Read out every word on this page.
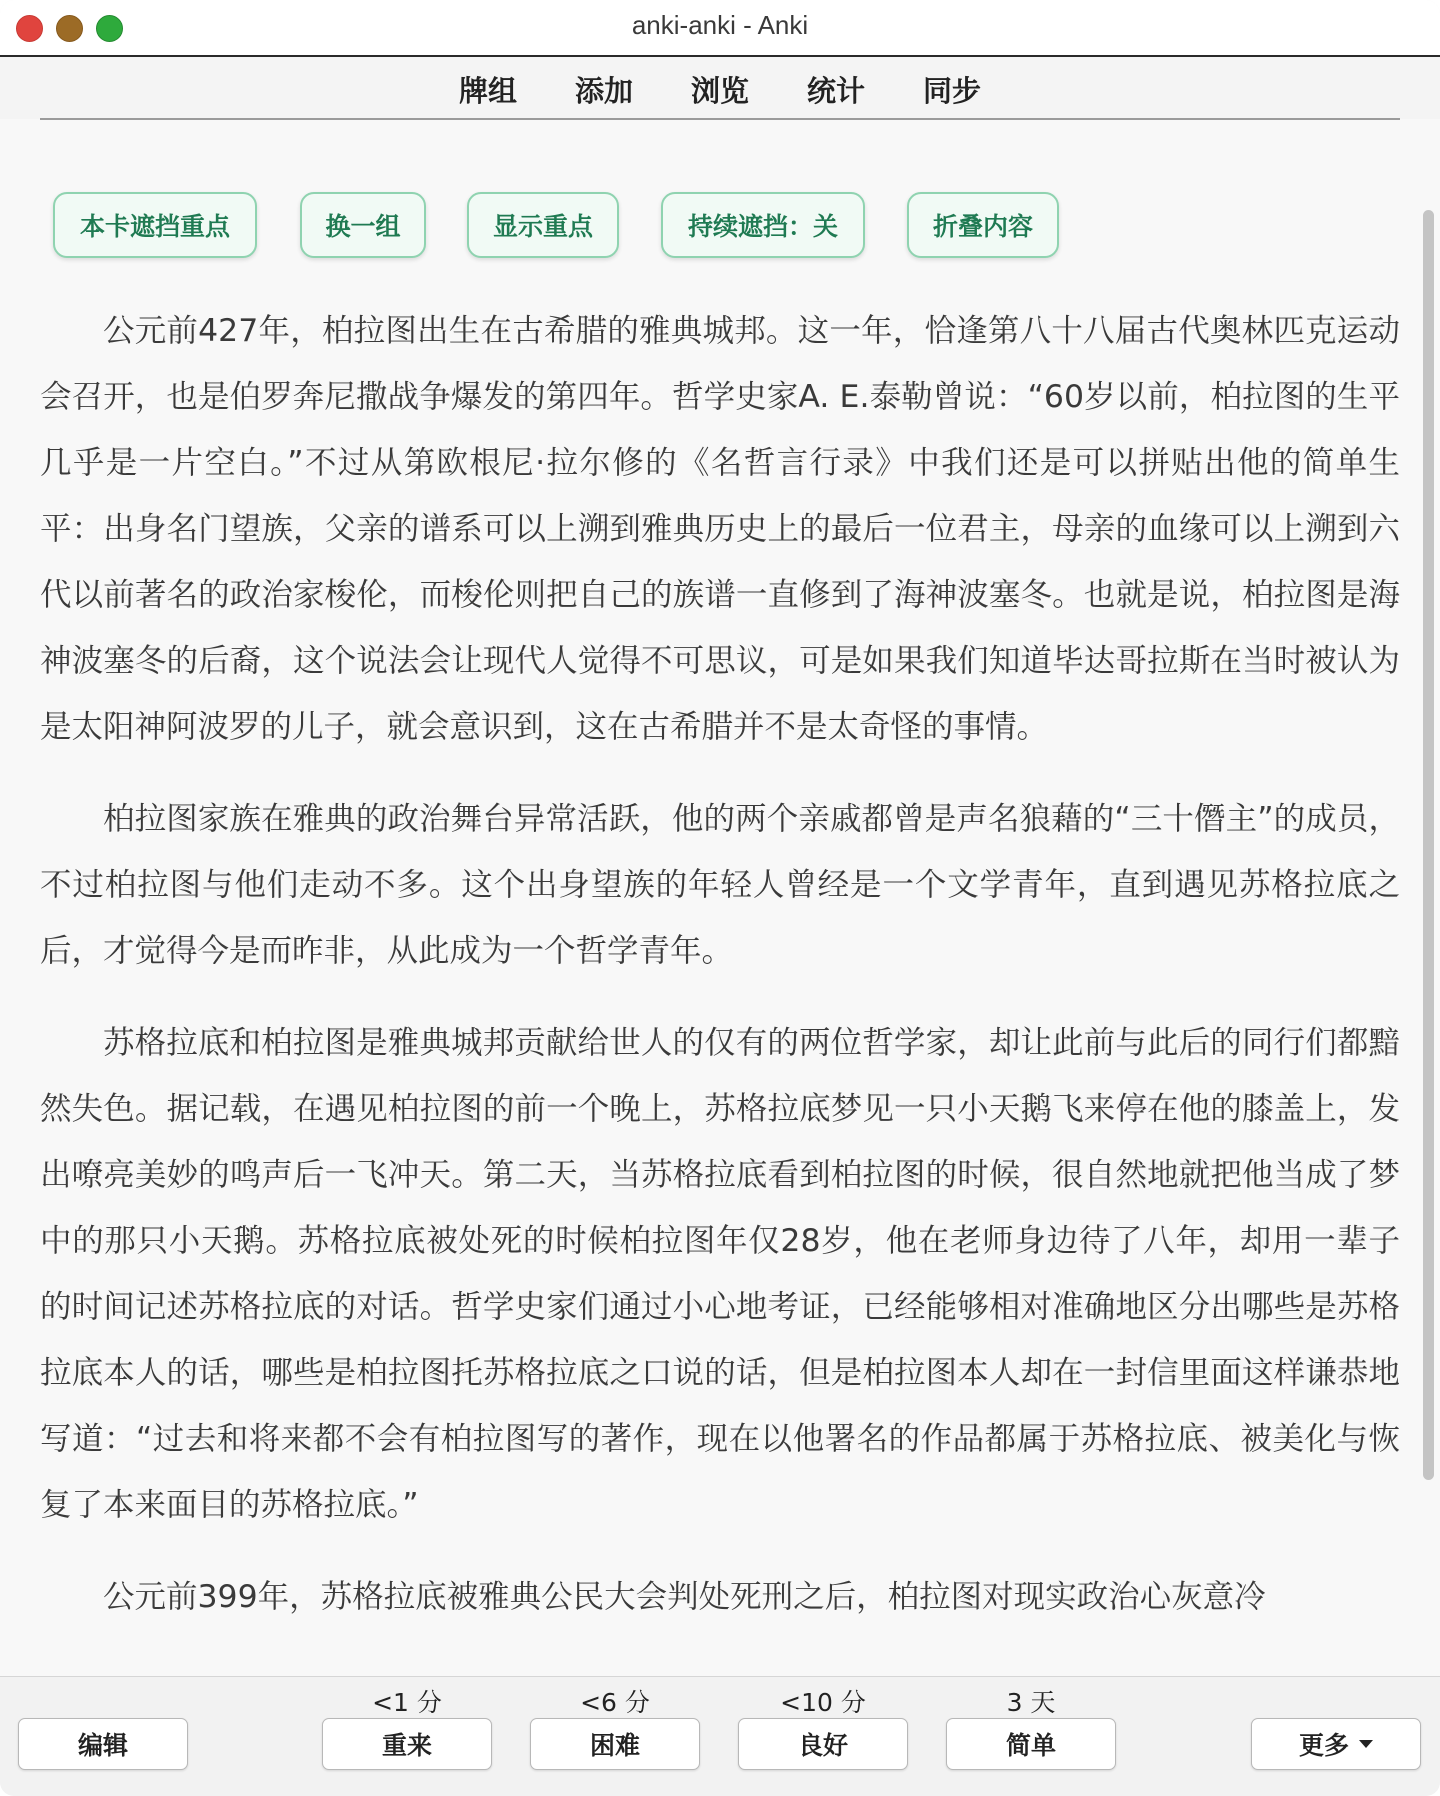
anki-anki - Anki
牌组 添加 浏览 统计 同步
本卡遮挡重点	换一组	显示重点	持续遮挡：关	折叠内容

公元前427年，柏拉图出生在古希腊的雅典城邦。这一年，恰逢第八十八届古代奥林匹克运动会召开，也是伯罗奔尼撒战争爆发的第四年。哲学史家A. E.泰勒曾说：“60岁以前，柏拉图的生平几乎是一片空白。”不过从第欧根尼·拉尔修的《名哲言行录》中我们还是可以拼贴出他的简单生平：出身名门望族，父亲的谱系可以上溯到雅典历史上的最后一位君主，母亲的血缘可以上溯到六代以前著名的政治家梭伦，而梭伦则把自己的族谱一直修到了海神波塞冬。也就是说，柏拉图是海神波塞冬的后裔，这个说法会让现代人觉得不可思议，可是如果我们知道毕达哥拉斯在当时被认为是太阳神阿波罗的儿子，就会意识到，这在古希腊并不是太奇怪的事情。

柏拉图家族在雅典的政治舞台异常活跃，他的两个亲戚都曾是声名狼藉的“三十僭主”的成员，不过柏拉图与他们走动不多。这个出身望族的年轻人曾经是一个文学青年，直到遇见苏格拉底之后，才觉得今是而昨非，从此成为一个哲学青年。

苏格拉底和柏拉图是雅典城邦贡献给世人的仅有的两位哲学家，却让此前与此后的同行们都黯然失色。据记载，在遇见柏拉图的前一个晚上，苏格拉底梦见一只小天鹅飞来停在他的膝盖上，发出嘹亮美妙的鸣声后一飞冲天。第二天，当苏格拉底看到柏拉图的时候，很自然地就把他当成了梦中的那只小天鹅。苏格拉底被处死的时候柏拉图年仅28岁，他在老师身边待了八年，却用一辈子的时间记述苏格拉底的对话。哲学史家们通过小心地考证，已经能够相对准确地区分出哪些是苏格拉底本人的话，哪些是柏拉图托苏格拉底之口说的话，但是柏拉图本人却在一封信里面这样谦恭地写道：“过去和将来都不会有柏拉图写的著作，现在以他署名的作品都属于苏格拉底、被美化与恢复了本来面目的苏格拉底。”

公元前399年，苏格拉底被雅典公民大会判处死刑之后，柏拉图对现实政治心灰意冷

编辑
<1 分
重来
<6 分
困难
<10 分
良好
3 天
简单	更多
